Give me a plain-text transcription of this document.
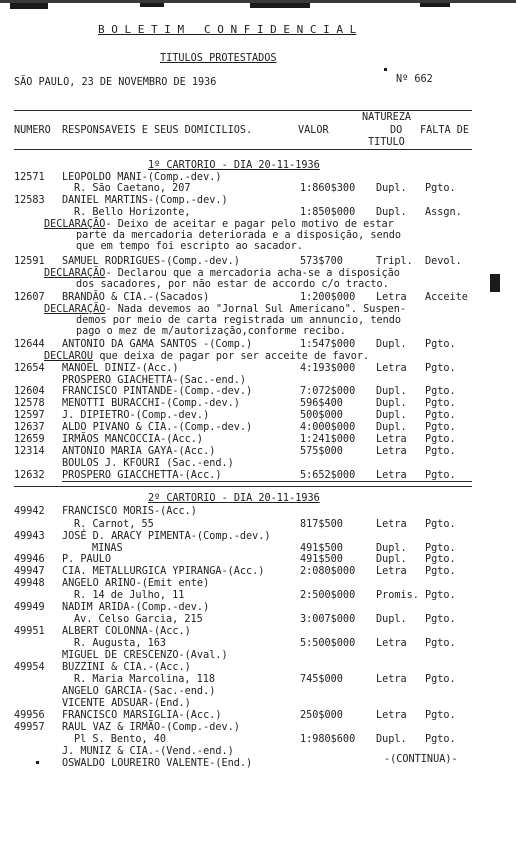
B O L E T I M   C O N F I D E N C I A L
TITULOS PROTESTADOS
SÃO PAULO, 23 DE NOVEMBRO DE 1936	Nº 662
NATUREZA
NUMERO RESPONSAVEIS E SEUS DOMICILIOS.	VALOR	DO FALTA DE
TITULO
1º CARTORIO - DIA 20-11-1936
2º CARTORIO - DIA 20-11-1936
12571 LEOPOLDO MANI-(Comp.-dev.)
R. São Caetano, 207	1:860$300 Dupl. Pgto.
12583 DANIEL MARTINS-(Comp.-dev.)
R. Bello Horizonte,	1:850$000 Dupl. Assgn.
DECLARAÇÃO - Deixo de aceitar e pagar pelo motivo de estar
parte da mercadoria deteriorada e a disposição, sendo
que em tempo foi escripto ao sacador.
12591 SAMUEL RODRIGUES-(Comp.-dev.)	573$700	Tripl. Devol.
DECLARAÇÃO - Declarou que a mercadoria acha-se a disposição
dos sacadores, por não estar de accordo c/o tracto.
12607 BRANDÃO & CIA.-(Sacados)	1:200$000 Letra Acceite
DECLARAÇÃO - Nada devemos ao "Jornal Sul Americano". Suspen-
demos por meio de carta registrada um annuncio, tendo
pago o mez de m/autorização,conforme recibo.
12644 ANTONIO DA GAMA SANTOS -(Comp.)	1:547$000 Dupl. Pgto.
DECLAROU que deixa de pagar por ser acceite de favor.
12654 MANOEL DINIZ-(Acc.)	4:193$000 Letra Pgto.
PROSPERO GIACHETTA-(Sac.-end.)
12604 FRANCISCO PINTANDE-(Comp.-dev.)	7:072$000 Dupl. Pgto.
12578 MENOTTI BURACCHI-(Comp.-dev.)	596$400	Dupl. Pgto.
12597 J. DIPIETRO-(Comp.-dev.)	500$000	Dupl. Pgto.
12637 ALDO PIVANO & CIA.-(Comp.-dev.)	4:000$000 Dupl. Pgto.
12659 IRMÃOS MANCOCCIA-(Acc.)	1:241$000 Letra Pgto.
12314 ANTONIO MARIA GAYA-(Acc.)	575$000	Letra Pgto.
BOULOS J. KFOURI (Sac.-end.)
12632 PROSPERO GIACCHETTA-(Acc.)	5:652$000 Letra Pgto.
49942 FRANCISCO MORIS-(Acc.)
R. Carnot, 55	817$500	Letra Pgto.
49943 JOSÉ D. ARACY PIMENTA-(Comp.-dev.)
MINAS	491$500	Dupl. Pgto.
49946 P. PAULO	491$500	Dupl. Pgto.
49947 CIA. METALLURGICA YPIRANGA-(Acc.)	2:080$000 Letra Pgto.
49948 ANGELO ARINO-(Emit ente)
R. 14 de Julho, 11	2:500$000 Promis. Pgto.
49949 NADIM ARIDA-(Comp.-dev.)
Av. Celso Garcia, 215	3:007$000 Dupl. Pgto.
49951 ALBERT COLONNA-(Acc.)
R. Augusta, 163	5:500$000 Letra Pgto.
MIGUEL DE CRESCENZO-(Aval.)
49954 BUZZINI & CIA.-(Acc.)
R. Maria Marcolina, 118	745$000	Letra Pgto.
ANGELO GARCIA-(Sac.-end.)
VICENTE ADSUAR-(End.)
49956 FRANCISCO MARSIGLIA-(Acc.)	250$000	Letra Pgto.
49957 RAUL VAZ & IRMÃO-(Comp.-dev.)
Pl S. Bento, 40	1:980$600 Dupl. Pgto.
J. MUNIZ & CIA.-(Vend.-end.)
OSWALDO LOUREIRO VALENTE-(End.)	-(CONTINUA)-
